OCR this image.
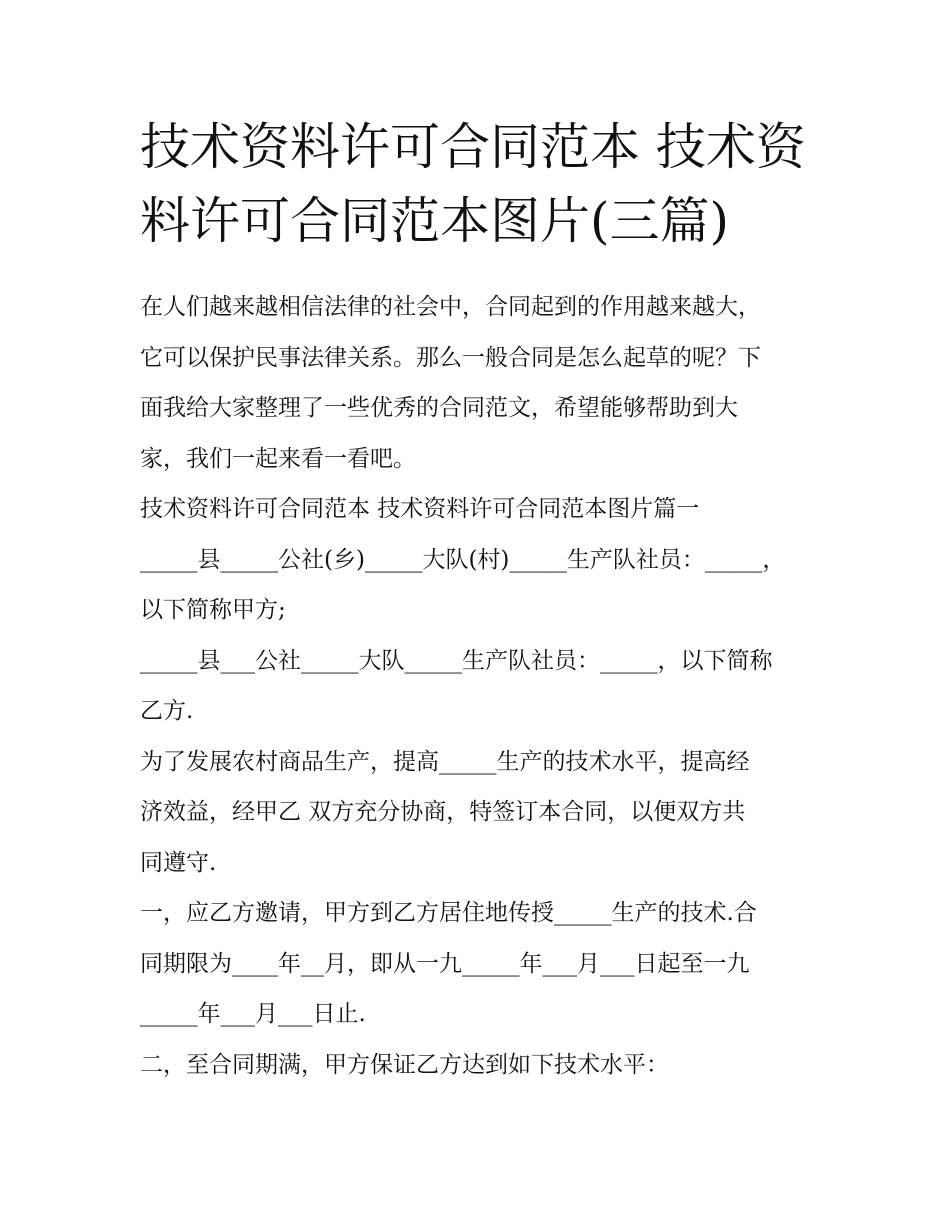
技术资料许可合同范本 技术资
料许可合同范本图片(三篇)

在人们越来越相信法律的社会中，合同起到的作用越来越大，
它可以保护民事法律关系。那么一般合同是怎么起草的呢？下
面我给大家整理了一些优秀的合同范文，希望能够帮助到大
家，我们一起来看一看吧。

技术资料许可合同范本 技术资料许可合同范本图片篇一

_____县_____公社(乡)_____大队(村)_____生产队社员：_____，
以下简称甲方;

_____县___公社_____大队_____生产队社员：_____，以下简称
乙方.

为了发展农村商品生产，提高_____生产的技术水平，提高经
济效益，经甲乙 双方充分协商，特签订本合同，以便双方共
同遵守.

一，应乙方邀请，甲方到乙方居住地传授_____生产的技术.合
同期限为____年__月，即从一九_____年___月___日起至一九
_____年___月___日止.

二，至合同期满，甲方保证乙方达到如下技术水平：
